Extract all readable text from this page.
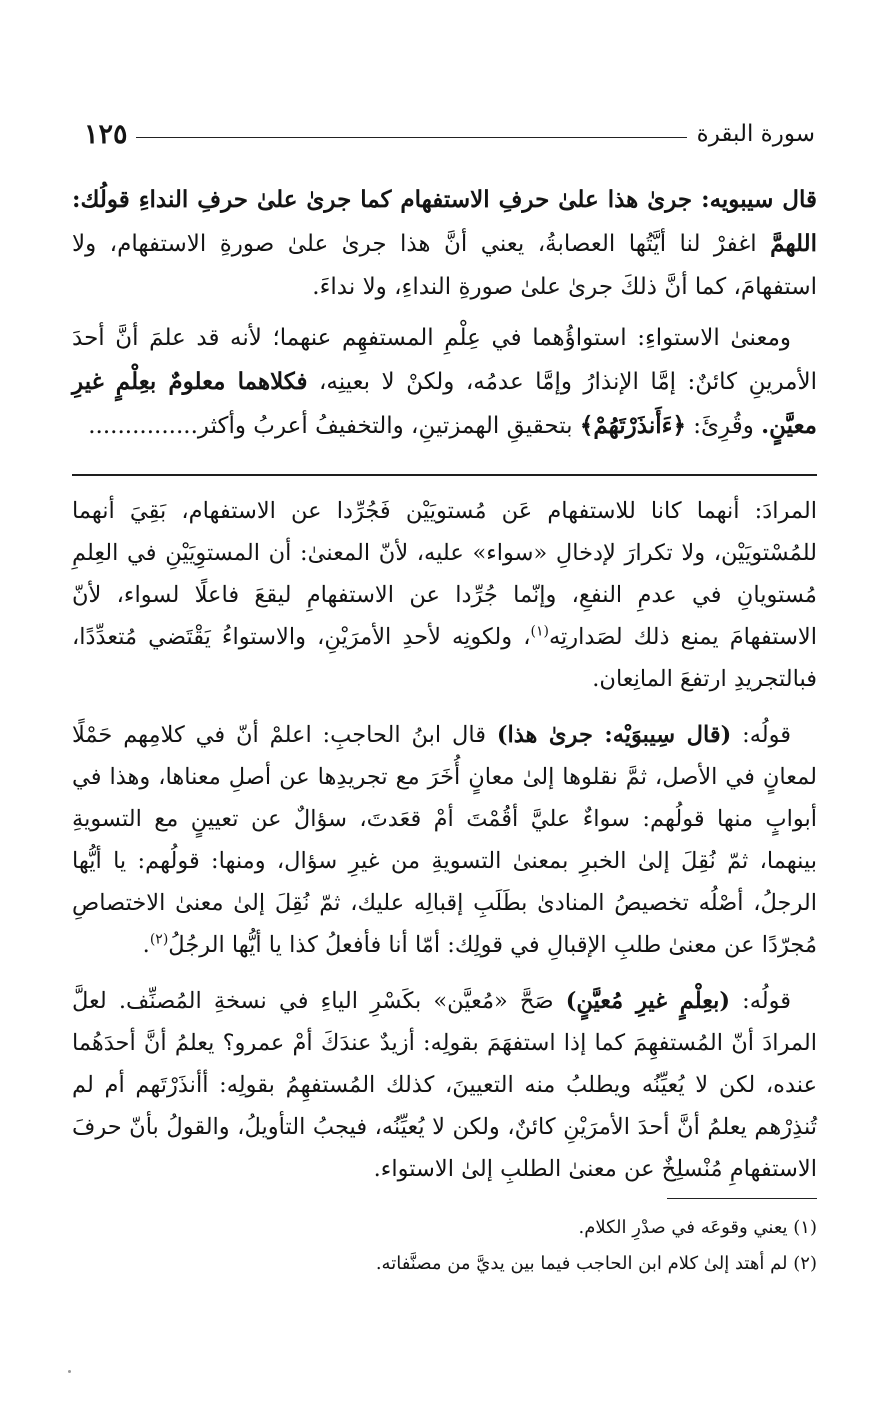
سورة البقرة
١٢٥

قال سيبويه: جرىٰ هذا علىٰ حرفِ الاستفهام كما جرىٰ علىٰ حرفِ النداءِ قولُك: اللهمَّ اغفرْ لنا أيَّتُها العصابةُ، يعني أنَّ هذا جرىٰ علىٰ صورةِ الاستفهام، ولا استفهامَ، كما أنَّ ذلكَ جرىٰ علىٰ صورةِ النداءِ، ولا نداءَ.

ومعنىٰ الاستواءِ: استواؤُهما في عِلْمِ المستفهِم عنهما؛ لأنه قد علمَ أنَّ أحدَ الأمرينِ كائنٌ: إمَّا الإنذارُ وإمَّا عدمُه، ولكنْ لا بعينِه، فكلاهما معلومٌ بعِلْمٍ غيرِ معيَّنٍ. وقُرِئَ: ﴿ءَأَنذَرْتَهُمْ﴾ بتحقيقِ الهمزتينِ، والتخفيفُ أعربُ وأكثر...............

المرادَ: أنهما كانا للاستفهام عَن مُستويَيْن فَجُرِّدا عن الاستفهام، بَقِيَ أنهما للمُسْتويَيْن، ولا تكرارَ لإدخالِ «سواء» عليه، لأنّ المعنىٰ: أن المستوِيَيْنِ في العِلمِ مُستويانِ في عدمِ النفعِ، وإنّما جُرِّدا عن الاستفهامِ ليقعَ فاعلًا لسواء، لأنّ الاستفهامَ يمنع ذلك لصَدارتِه$^{(١)}$، ولكونِه لأحدِ الأمرَيْنِ، والاستواءُ يَقْتَضي مُتعدِّدًا، فبالتجريدِ ارتفعَ المانِعان.

قولُه: (قال سِيبوَيْه: جرىٰ هذا) قال ابنُ الحاجبِ: اعلمْ أنّ في كلامِهم حَمْلًا لمعانٍ في الأصل، ثمَّ نقلوها إلىٰ معانٍ أُخَرَ مع تجريدِها عن أصلِ معناها، وهذا في أبوابٍ منها قولُهم: سواءٌ عليَّ أقُمْتَ أمْ قعَدتَ، سؤالٌ عن تعيينٍ مع التسويةِ بينهما، ثمّ نُقِلَ إلىٰ الخبرِ بمعنىٰ التسويةِ من غيرِ سؤال، ومنها: قولُهم: يا أيُّها الرجلُ، أصْلُه تخصيصُ المنادىٰ بطَلَبِ إقبالِه عليك، ثمّ نُقِلَ إلىٰ معنىٰ الاختصاصِ مُجرّدًا عن معنىٰ طلبِ الإقبالِ في قولِك: أمّا أنا فأفعلُ كذا يا أيُّها الرجُلُ$^{(٢)}$.

قولُه: (بعِلْمٍ غيرِ مُعيَّنٍ) صَحَّ «مُعيَّن» بكَسْرِ الياءِ في نسخةِ المُصنِّف. لعلَّ المرادَ أنّ المُستفهِمَ كما إذا استفهَمَ بقولِه: أزيدٌ عندَكَ أمْ عمرو؟ يعلمُ أنَّ أحدَهُما عنده، لكن لا يُعيِّنُه ويطلبُ منه التعيينَ، كذلك المُستفهِمُ بقولِه: أأنذَرْتَهم أم لم تُنذِرْهم يعلمُ أنَّ أحدَ الأمرَيْنِ كائنٌ، ولكن لا يُعيِّنُه، فيجبُ التأويلُ، والقولُ بأنّ حرفَ الاستفهامِ مُنْسلِخٌ عن معنىٰ الطلبِ إلىٰ الاستواء.

(١) يعني وقوعَه في صدْرِ الكلام.

(٢) لم أهتد إلىٰ كلام ابن الحاجب فيما بين يديَّ من مصنَّفاته.
